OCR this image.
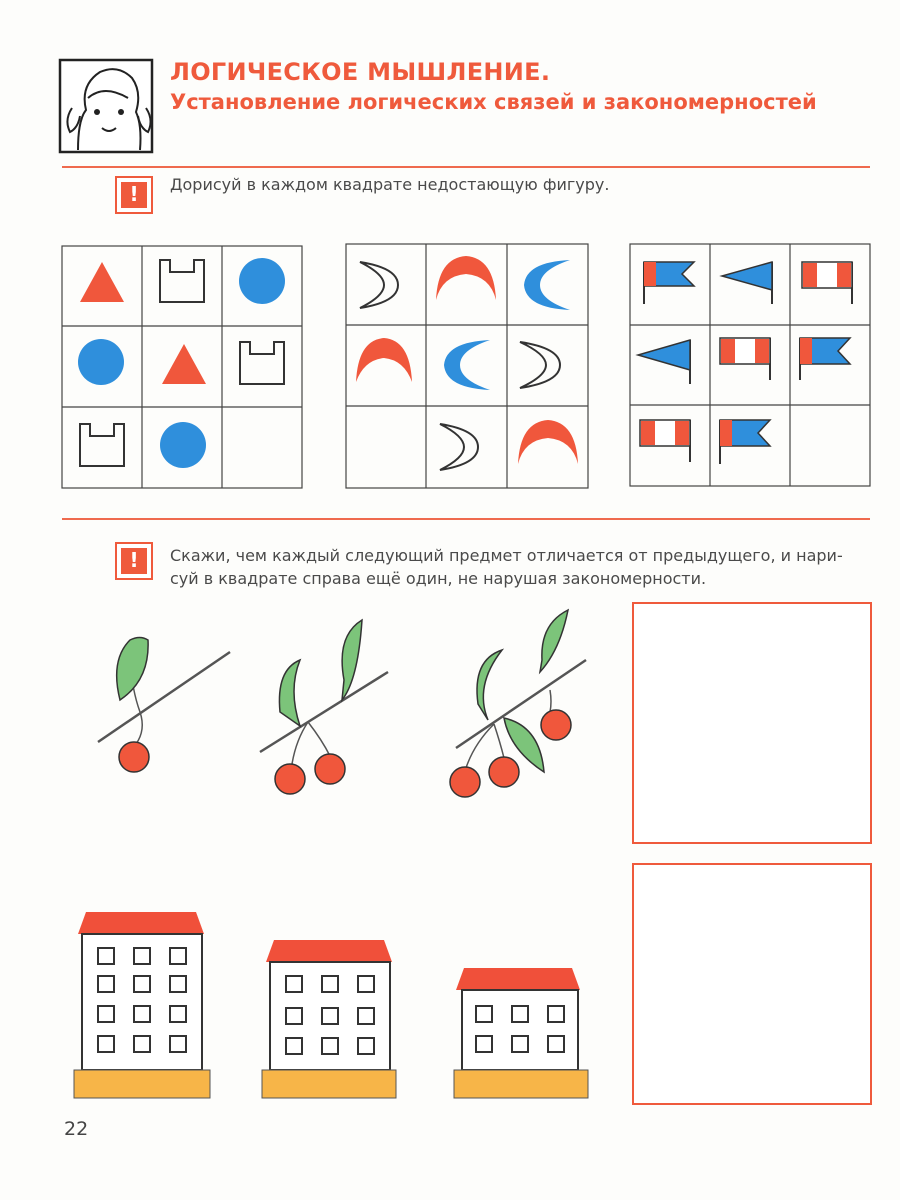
ЛОГИЧЕСКОЕ МЫШЛЕНИЕ.
Установление логических связей и закономерностей
!	Дорисуй в каждом квадрате недостающую фигуру.
!	Скажи, чем каждый следующий предмет отличается от предыдущего, и нари-
суй в квадрате справа ещё один, не нарушая закономерности.
22
